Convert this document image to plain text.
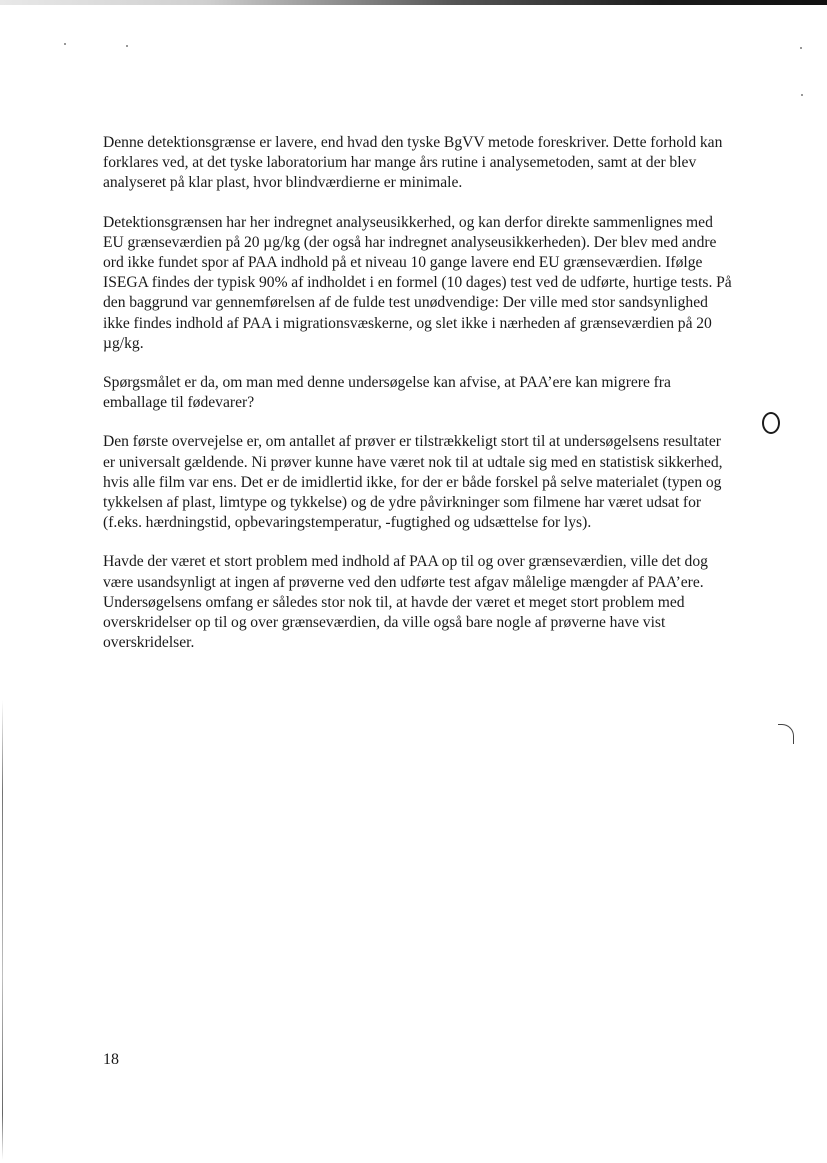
Denne detektionsgrænse er lavere, end hvad den tyske BgVV metode foreskriver. Dette forhold kan forklares ved, at det tyske laboratorium har mange års rutine i analysemetoden, samt at der blev analyseret på klar plast, hvor blindværdierne er minimale.

Detektionsgrænsen har her indregnet analyseusikkerhed, og kan derfor direkte sammenlignes med EU grænseværdien på 20 µg/kg (der også har indregnet analyseusikkerheden). Der blev med andre ord ikke fundet spor af PAA indhold på et niveau 10 gange lavere end EU grænseværdien. Ifølge ISEGA findes der typisk 90% af indholdet i en formel (10 dages) test ved de udførte, hurtige tests. På den baggrund var gennemførelsen af de fulde test unødvendige: Der ville med stor sandsynlighed ikke findes indhold af PAA i migrationsvæskerne, og slet ikke i nærheden af grænseværdien på 20 µg/kg.

Spørgsmålet er da, om man med denne undersøgelse kan afvise, at PAA’ere kan migrere fra emballage til fødevarer?

Den første overvejelse er, om antallet af prøver er tilstrækkeligt stort til at undersøgelsens resultater er universalt gældende. Ni prøver kunne have været nok til at udtale sig med en statistisk sikkerhed, hvis alle film var ens. Det er de imidlertid ikke, for der er både forskel på selve materialet (typen og tykkelsen af plast, limtype og tykkelse) og de ydre påvirkninger som filmene har været udsat for (f.eks. hærdningstid, opbevaringstemperatur, -fugtighed og udsættelse for lys).

Havde der været et stort problem med indhold af PAA op til og over grænseværdien, ville det dog være usandsynligt at ingen af prøverne ved den udførte test afgav målelige mængder af PAA’ere. Undersøgelsens omfang er således stor nok til, at havde der været et meget stort problem med overskridelser op til og over grænseværdien, da ville også bare nogle af prøverne have vist overskridelser.

18
